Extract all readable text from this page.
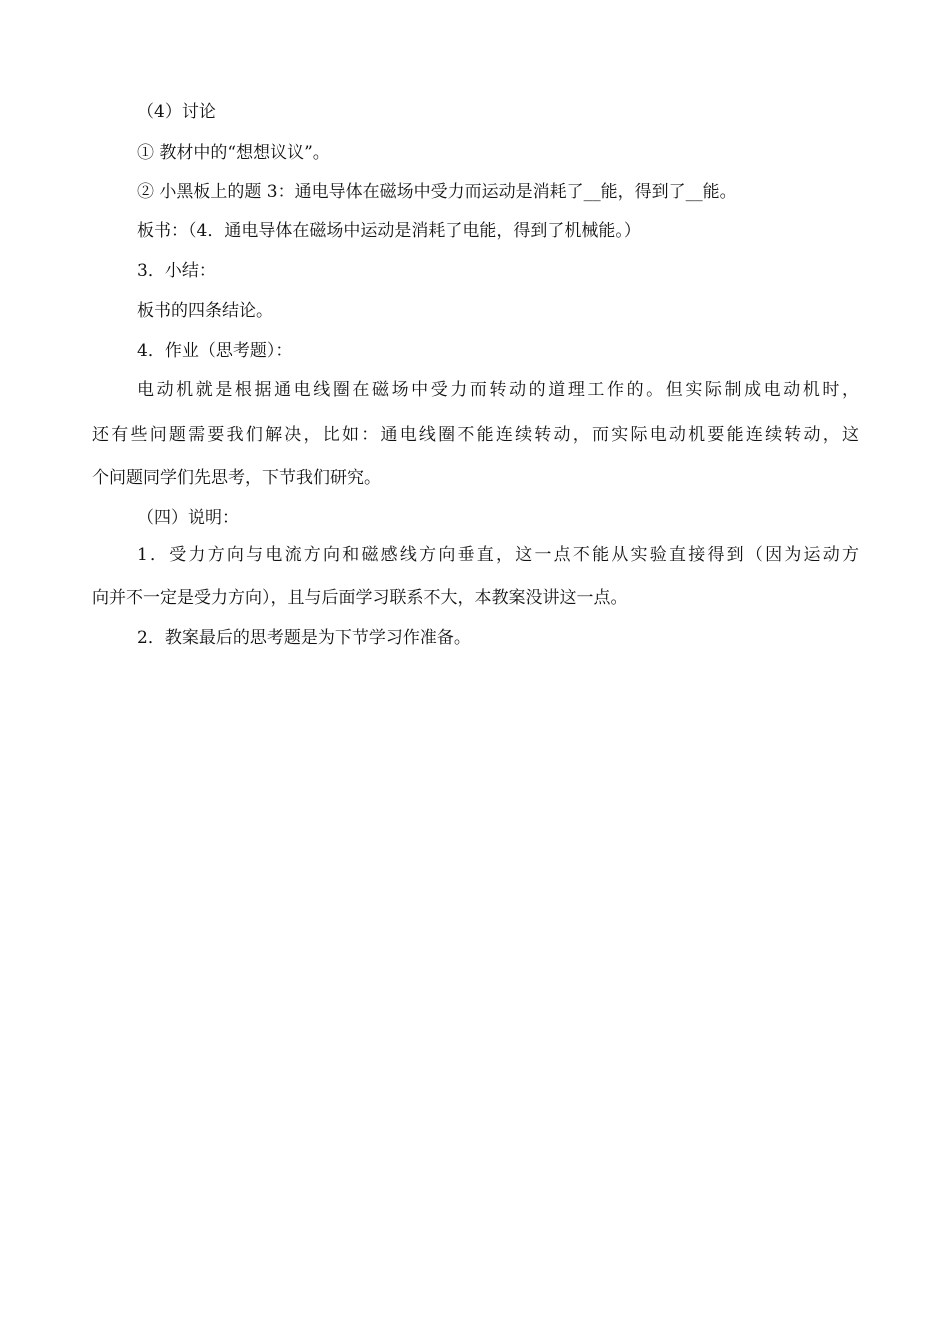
（4）讨论
① 教材中的“想想议议”。
② 小黑板上的题 3：通电导体在磁场中受力而运动是消耗了__能，得到了__能。
板书：（4．通电导体在磁场中运动是消耗了电能，得到了机械能。）
3．小结：
板书的四条结论。
4．作业（思考题）：
电动机就是根据通电线圈在磁场中受力而转动的道理工作的。但实际制成电动机时，
还有些问题需要我们解决，比如：通电线圈不能连续转动，而实际电动机要能连续转动，这
个问题同学们先思考，下节我们研究。
（四）说明：
1．受力方向与电流方向和磁感线方向垂直，这一点不能从实验直接得到（因为运动方
向并不一定是受力方向），且与后面学习联系不大，本教案没讲这一点。
2．教案最后的思考题是为下节学习作准备。
